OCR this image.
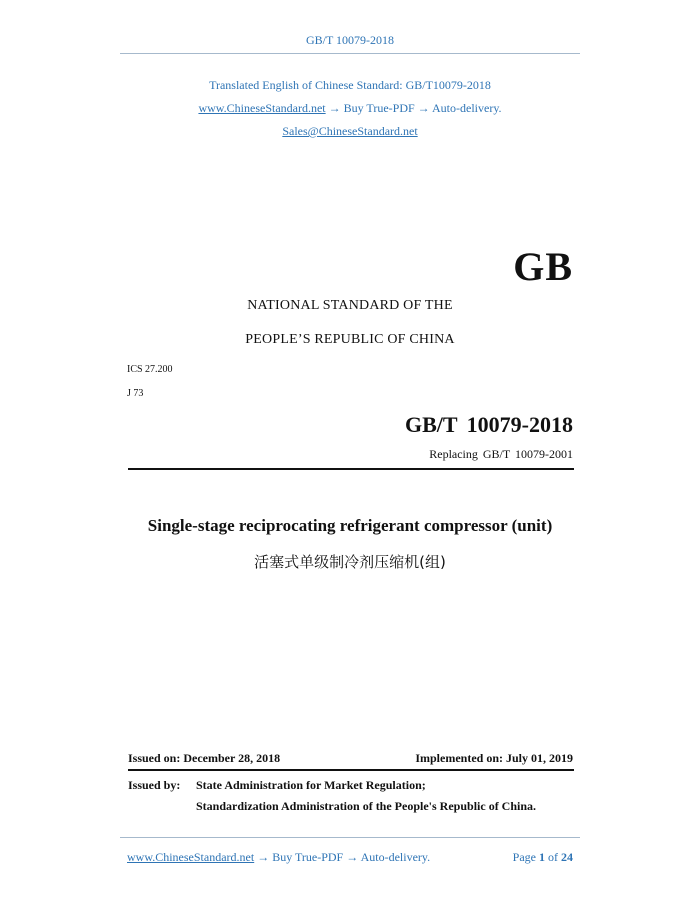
GB/T 10079-2018
Translated English of Chinese Standard: GB/T10079-2018
www.ChineseStandard.net → Buy True-PDF → Auto-delivery.
Sales@ChineseStandard.net
GB
NATIONAL STANDARD OF THE
PEOPLE’S REPUBLIC OF CHINA
ICS 27.200
J 73
GB/T 10079-2018
Replacing GB/T 10079-2001
Single-stage reciprocating refrigerant compressor (unit)
活塞式单级制冷剂压缩机(组)
Issued on: December 28, 2018	Implemented on: July 01, 2019
Issued by: State Administration for Market Regulation;
Standardization Administration of the People's Republic of China.
www.ChineseStandard.net → Buy True-PDF → Auto-delivery.	Page 1 of 24
